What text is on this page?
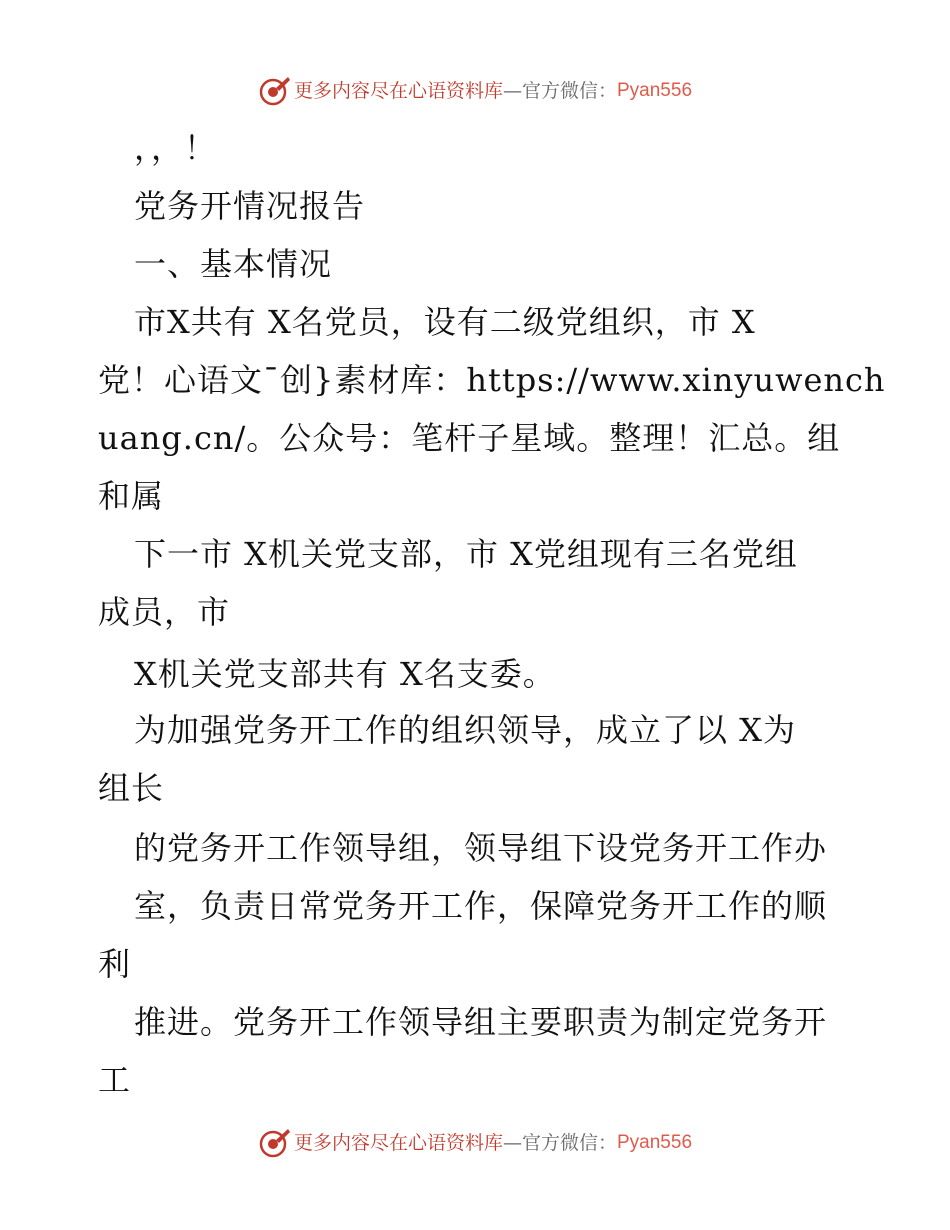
更多内容尽在心语资料库 —官方微信： Pyan556
，，！
党务开情况报告
一、基本情况
市X共有 X名党员，设有二级党组织，市 X
党！心语文¯创}素材库：https://www.xinyuwench
uang.cn/。公众号：笔杆子星域。整理！汇总。组
和属
下一市 X机关党支部，市 X党组现有三名党组
成员，市
X机关党支部共有 X名支委。
为加强党务开工作的组织领导，成立了以 X为
组长
的党务开工作领导组，领导组下设党务开工作办
室，负责日常党务开工作，保障党务开工作的顺
利
推进。党务开工作领导组主要职责为制定党务开
工
更多内容尽在心语资料库 —官方微信： Pyan556
